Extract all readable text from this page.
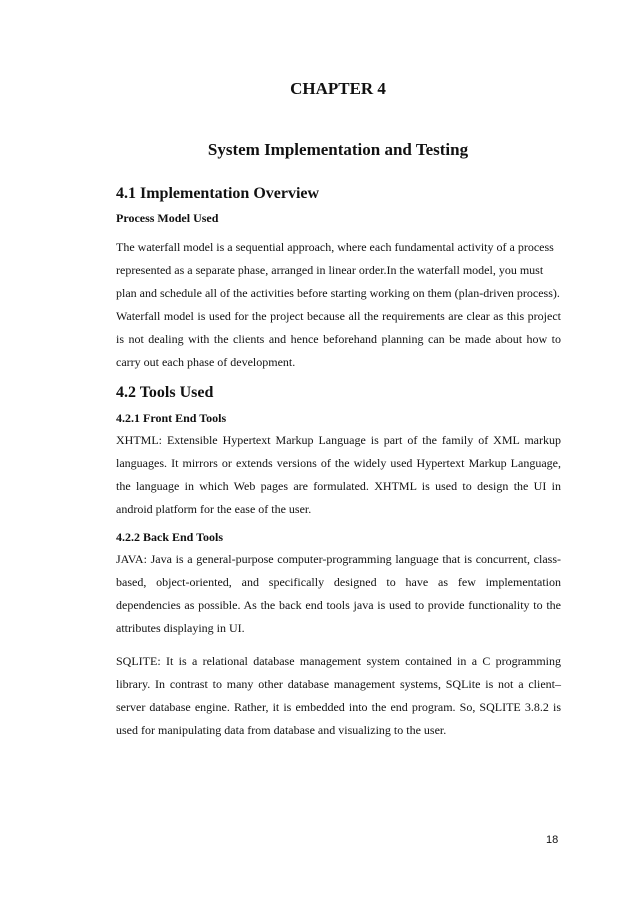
CHAPTER 4
System Implementation and Testing
4.1 Implementation Overview
Process Model Used

The waterfall model is a sequential approach, where each fundamental activity of a process represented as a separate phase, arranged in linear order.In the waterfall model, you must plan and schedule all of the activities before starting working on them (plan-driven process).

Waterfall model is used for the project because all the requirements are clear as this project is not dealing with the clients and hence beforehand planning can be made about how to carry out each phase of development.

4.2 Tools Used
4.2.1 Front End Tools

XHTML: Extensible Hypertext Markup Language is part of the family of XML markup languages. It mirrors or extends versions of the widely used Hypertext Markup Language, the language in which Web pages are formulated. XHTML is used to design the UI in android platform for the ease of the user.

4.2.2 Back End Tools

JAVA: Java is a general-purpose computer-programming language that is concurrent, class-based, object-oriented, and specifically designed to have as few implementation dependencies as possible. As the back end tools java is used to provide functionality to the attributes displaying in UI.

SQLITE: It is a relational database management system contained in a C programming library. In contrast to many other database management systems, SQLite is not a client–server database engine. Rather, it is embedded into the end program. So, SQLITE 3.8.2 is used for manipulating data from database and visualizing to the user.

18
